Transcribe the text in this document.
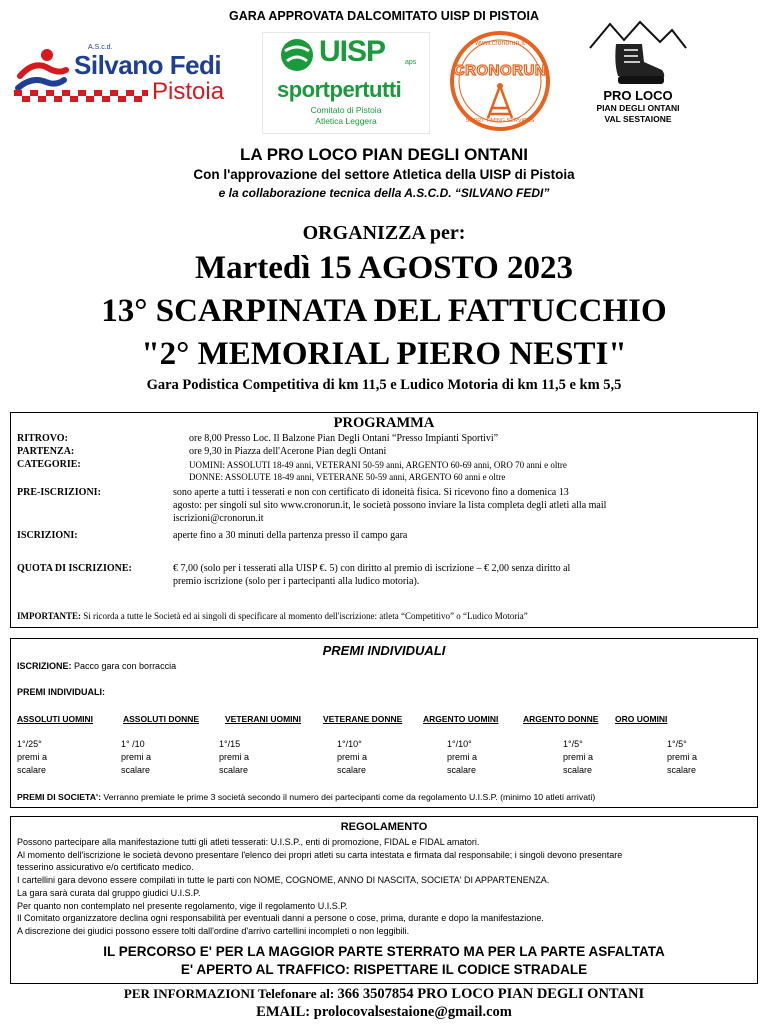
GARA APPROVATA DALCOMITATO UISP DI PISTOIA
A.S.c.d.
Silvano Fedi
Pistoia
UISP	aps
sportpertutti
Comitato di Pistoia
Atletica Leggera
www.cronorun.it
CRONORUN
SPORT TIMING SERVICES
PRO LOCO
PIAN DEGLI ONTANI
VAL SESTAIONE
LA PRO LOCO PIAN DEGLI ONTANI
Con l'approvazione del settore Atletica della UISP di Pistoia
e la collaborazione tecnica della A.S.C.D. “SILVANO FEDI”
ORGANIZZA per:
Martedì 15 AGOSTO 2023
13° SCARPINATA DEL FATTUCCHIO
"2° MEMORIAL PIERO NESTI"
Gara Podistica Competitiva di km 11,5 e Ludico Motoria di km 11,5 e km 5,5
PROGRAMMA
RITROVO:	ore 8,00 Presso Loc. Il Balzone Pian Degli Ontani “Presso Impianti Sportivi”
PARTENZA:	ore 9,30 in Piazza dell'Acerone Pian degli Ontani
CATEGORIE:	UOMINI: ASSOLUTI 18-49 anni, VETERANI 50-59 anni, ARGENTO 60-69 anni, ORO 70 anni e oltre
DONNE: ASSOLUTE 18-49 anni, VETERANE 50-59 anni, ARGENTO 60 anni e oltre
PRE-ISCRIZIONI:	sono aperte a tutti i tesserati e non con certificato di idoneità fisica. Si ricevono fino a domenica 13
agosto: per singoli sul sito www.cronorun.it, le società possono inviare la lista completa degli atleti alla mail
iscrizioni@cronorun.it
ISCRIZIONI:	aperte fino a 30 minuti della partenza presso il campo gara
QUOTA DI ISCRIZIONE:	€ 7,00 (solo per i tesserati alla UISP €. 5) con diritto al premio di iscrizione – € 2,00 senza diritto al
premio iscrizione (solo per i partecipanti alla ludico motoria).
IMPORTANTE: Si ricorda a tutte le Società ed ai singoli di specificare al momento dell'iscrizione: atleta “Competitivo” o “Ludico Motoria”
PREMI INDIVIDUALI
ISCRIZIONE: Pacco gara con borraccia
PREMI INDIVIDUALI:
ASSOLUTI UOMINI
1°/25°
premi a
scalare
ASSOLUTI DONNE
1° /10
premi a
scalare
VETERANI UOMINI
1°/15
premi a
scalare
VETERANE DONNE
1°/10°
premi a
scalare
ARGENTO UOMINI
1°/10°
premi a
scalare
ARGENTO DONNE
1°/5°
premi a
scalare
ORO UOMINI
1°/5°
premi a
scalare
PREMI DI SOCIETA': Verranno premiate le prime 3 società secondo il numero dei partecipanti come da regolamento U.I.S.P. (minimo 10 atleti arrivati)
REGOLAMENTO
Possono partecipare alla manifestazione tutti gli atleti tesserati: U.I.S.P., enti di promozione, FIDAL e FIDAL amatori.
Al momento dell'iscrizione le società devono presentare l'elenco dei propri atleti su carta intestata e firmata dal responsabile; i singoli devono presentare
tesserino assicurativo e/o certificato medico.
I cartellini gara devono essere compilati in tutte le parti con NOME, COGNOME, ANNO DI NASCITA, SOCIETA' DI APPARTENENZA.
La gara sarà curata dal gruppo giudici U.I.S.P.
Per quanto non contemplato nel presente regolamento, vige il regolamento U.I.S.P.
Il Comitato organizzatore declina ogni responsabilità per eventuali danni a persone o cose, prima, durante e dopo la manifestazione.
A discrezione dei giudici possono essere tolti dall'ordine d'arrivo cartellini incompleti o non leggibili.
IL PERCORSO E' PER LA MAGGIOR PARTE STERRATO MA PER LA PARTE ASFALTATA
E' APERTO AL TRAFFICO: RISPETTARE IL CODICE STRADALE
PER INFORMAZIONI Telefonare al: 366 3507854 PRO LOCO PIAN DEGLI ONTANI
EMAIL: prolocovalsestaione@gmail.com
